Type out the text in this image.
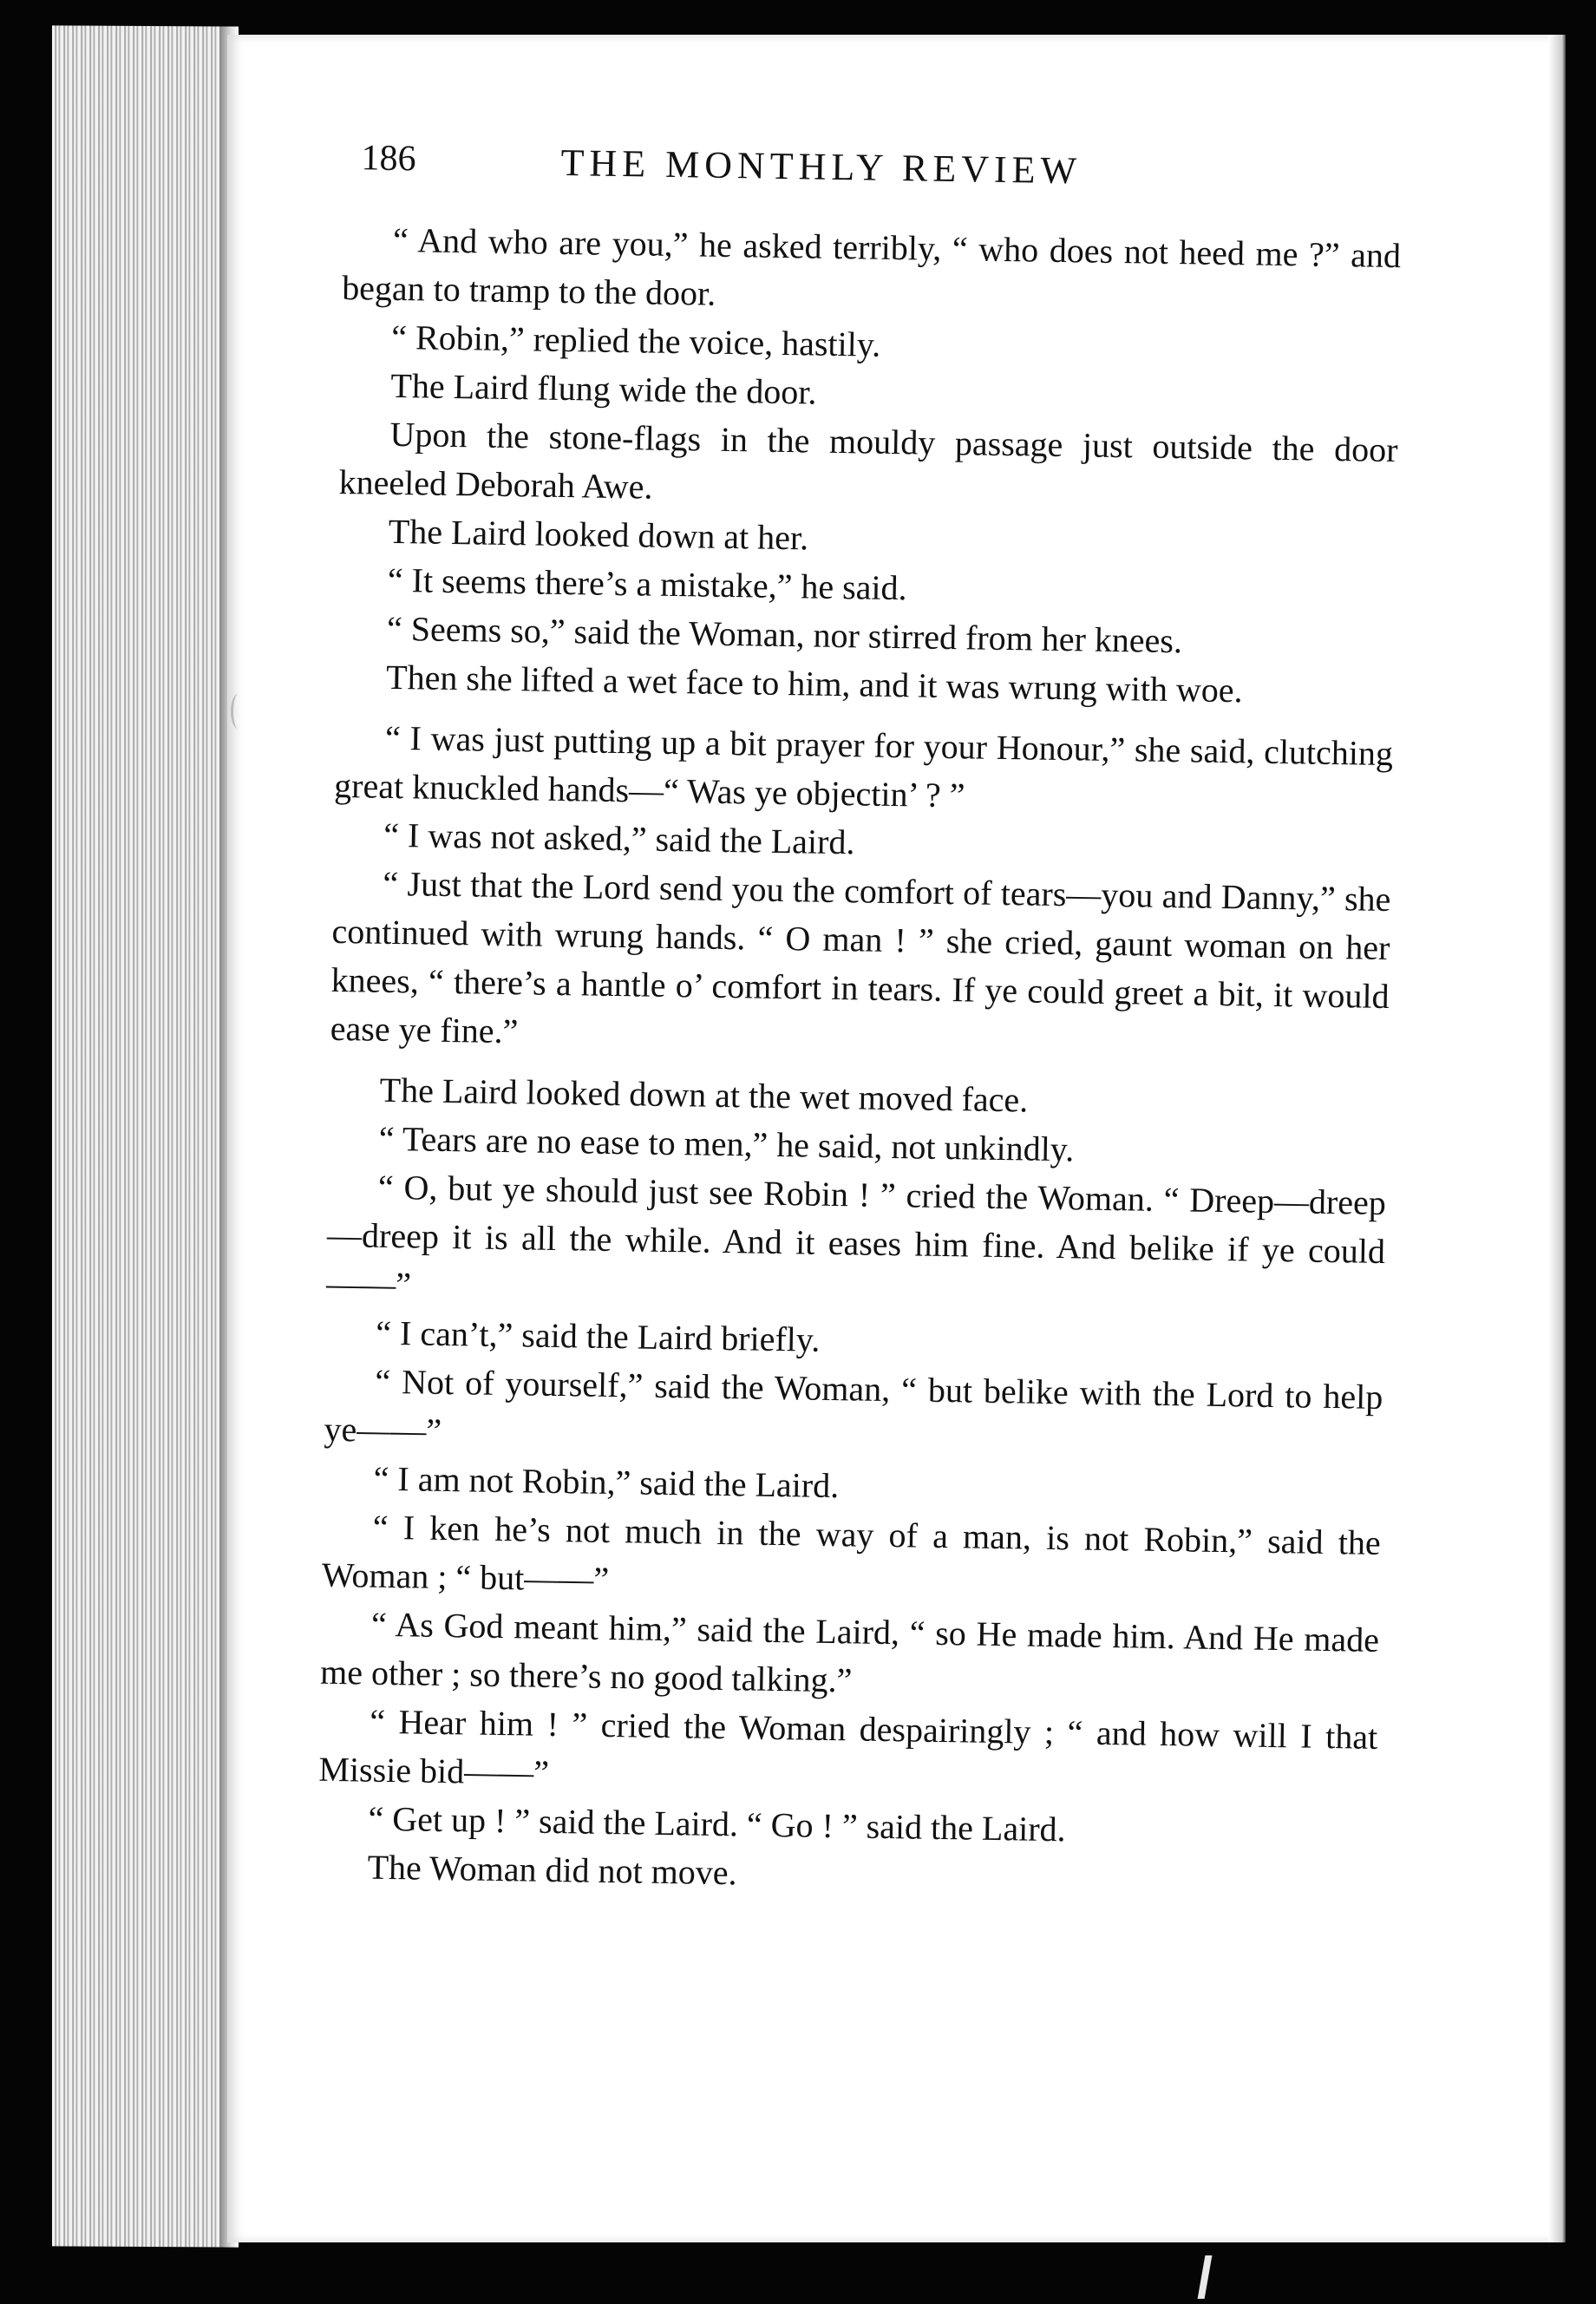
186	THE MONTHLY REVIEW

“ And who are you,” he asked terribly, “ who does not heed me ?” and began to tramp to the door.

“ Robin,” replied the voice, hastily.

The Laird flung wide the door.

Upon the stone-flags in the mouldy passage just outside the door kneeled Deborah Awe.

The Laird looked down at her.

“ It seems there’s a mistake,” he said.

“ Seems so,” said the Woman, nor stirred from her knees.

Then she lifted a wet face to him, and it was wrung with woe.

“ I was just putting up a bit prayer for your Honour,” she said, clutching great knuckled hands—“ Was ye objectin’ ? ”

“ I was not asked,” said the Laird.

“ Just that the Lord send you the comfort of tears—you and Danny,” she continued with wrung hands. “ O man ! ” she cried, gaunt woman on her knees, “ there’s a hantle o’ comfort in tears. If ye could greet a bit, it would ease ye fine.”

The Laird looked down at the wet moved face.

“ Tears are no ease to men,” he said, not unkindly.

“ O, but ye should just see Robin ! ” cried the Woman. “ Dreep—dreep—dreep it is all the while. And it eases him fine. And belike if ye could——”

“ I can’t,” said the Laird briefly.

“ Not of yourself,” said the Woman, “ but belike with the Lord to help ye——”

“ I am not Robin,” said the Laird.

“ I ken he’s not much in the way of a man, is not Robin,” said the Woman ; “ but——”

“ As God meant him,” said the Laird, “ so He made him. And He made me other ; so there’s no good talking.”

“ Hear him ! ” cried the Woman despairingly ; “ and how will I that Missie bid——”

“ Get up ! ” said the Laird. “ Go ! ” said the Laird.

The Woman did not move.
